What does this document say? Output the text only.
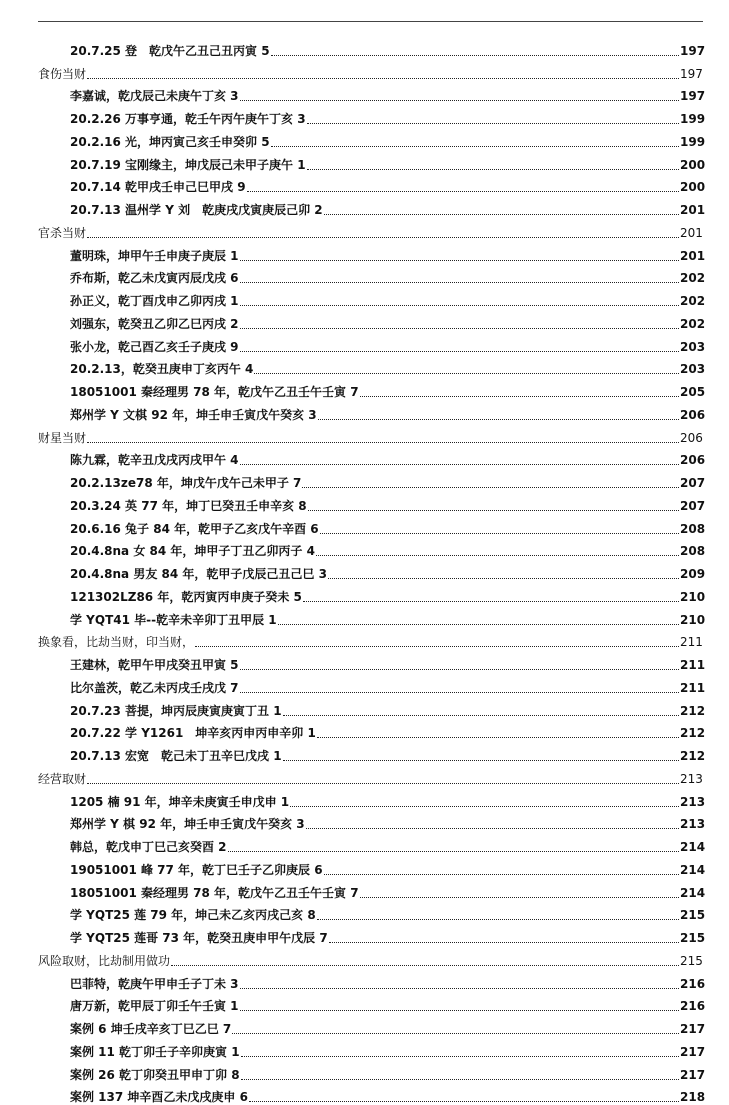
20.7.25 登　乾戊午乙丑己丑丙寅 5	197
食伤当财	197
李嘉诚，乾戊辰己未庚午丁亥 3	197
20.2.26 万事亨通，乾壬午丙午庚午丁亥 3	199
20.2.16 光，坤丙寅己亥壬申癸卯 5	199
20.7.19 宝刚缘主，坤戊辰己未甲子庚午 1	200
20.7.14 乾甲戌壬申己巳甲戌 9	200
20.7.13 温州学 Y 刘　乾庚戌戊寅庚辰己卯 2	201
官杀当财	201
董明珠，坤甲午壬申庚子庚辰 1	201
乔布斯，乾乙未戊寅丙辰戊戌 6	202
孙正义，乾丁酉戊申乙卯丙戌 1	202
刘强东，乾癸丑乙卯乙巳丙戌 2	202
张小龙，乾己酉乙亥壬子庚戌 9	203
20.2.13，乾癸丑庚申丁亥丙午 4	203
18051001 秦经理男 78 年，乾戊午乙丑壬午壬寅 7	205
郑州学 Y 文棋 92 年，坤壬申壬寅戊午癸亥 3	206
财星当财	206
陈九霖，乾辛丑戊戌丙戌甲午 4	206
20.2.13ze78 年，坤戊午戊午己未甲子 7	207
20.3.24 英 77 年，坤丁巳癸丑壬申辛亥 8	207
20.6.16 兔子 84 年，乾甲子乙亥戊午辛酉 6	208
20.4.8na 女 84 年，坤甲子丁丑乙卯丙子 4	208
20.4.8na 男友 84 年，乾甲子戊辰己丑己巳 3	209
121302LZ86 年，乾丙寅丙申庚子癸未 5	210
学 YQT41 毕--乾辛未辛卯丁丑甲辰 1	210
换象看，比劫当财，印当财，	211
王建林，乾甲午甲戌癸丑甲寅 5	211
比尔盖茨，乾乙未丙戌壬戌戊 7	211
20.7.23 菩提，坤丙辰庚寅庚寅丁丑 1	212
20.7.22 学 Y1261　坤辛亥丙申丙申辛卯 1	212
20.7.13 宏宽　乾己未丁丑辛巳戊戌 1	212
经营取财	213
1205 楠 91 年，坤辛未庚寅壬申戊申 1	213
郑州学 Y 棋 92 年，坤壬申壬寅戊午癸亥 3	213
韩总，乾戊申丁巳己亥癸酉 2	214
19051001 峰 77 年，乾丁巳壬子乙卯庚辰 6	214
18051001 秦经理男 78 年，乾戊午乙丑壬午壬寅 7	214
学 YQT25 莲 79 年，坤己未乙亥丙戌己亥 8	215
学 YQT25 莲哥 73 年，乾癸丑庚申甲午戊辰 7	215
风险取财，比劫制用做功	215
巴菲特，乾庚午甲申壬子丁未 3	216
唐万新，乾甲辰丁卯壬午壬寅 1	216
案例 6 坤壬戌辛亥丁巳乙巳 7	217
案例 11 乾丁卯壬子辛卯庚寅 1	217
案例 26 乾丁卯癸丑甲申丁卯 8	217
案例 137 坤辛酉乙未戊戌庚申 6	218
